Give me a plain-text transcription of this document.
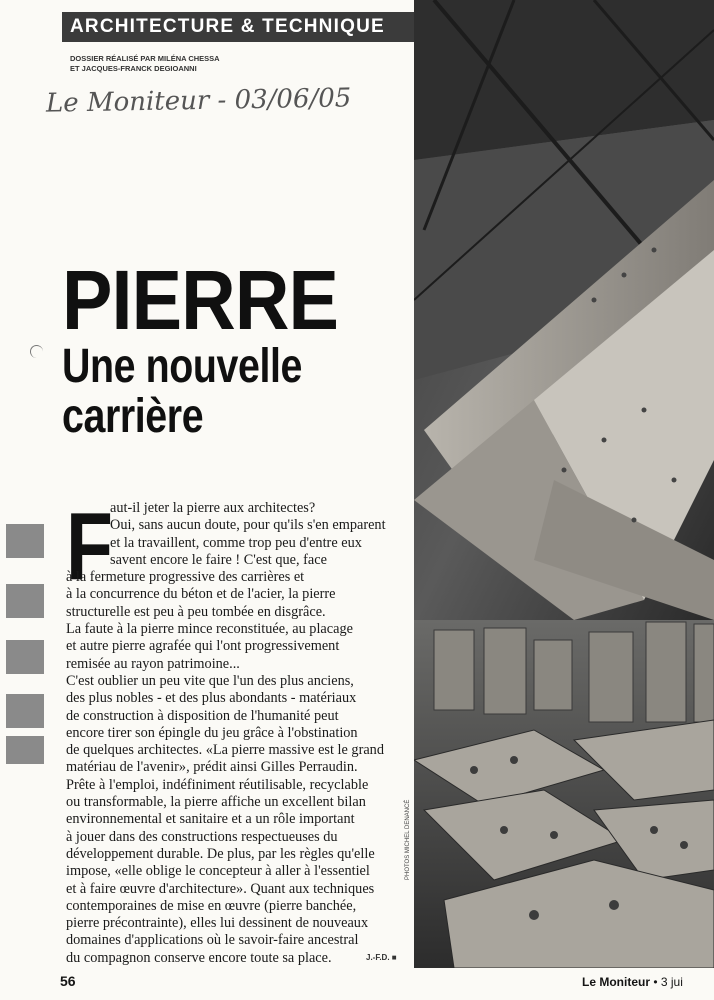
ARCHITECTURE & TECHNIQUE
DOSSIER RÉALISÉ PAR MILÉNA CHESSA
ET JACQUES-FRANCK DEGIOANNI
Le Moniteur - 03/06/05
PIERRE
Une nouvelle
carrière
F

aut-il jeter la pierre aux architectes?

Oui, sans aucun doute, pour qu'ils s'en emparent

et la travaillent, comme trop peu d'entre eux

savent encore le faire ! C'est que, face

à la fermeture progressive des carrières et

à la concurrence du béton et de l'acier, la pierre

structurelle est peu à peu tombée en disgrâce.

La faute à la pierre mince reconstituée, au placage

et autre pierre agrafée qui l'ont progressivement

remisée au rayon patrimoine...

C'est oublier un peu vite que l'un des plus anciens,

des plus nobles - et des plus abondants - matériaux

de construction à disposition de l'humanité peut

encore tirer son épingle du jeu grâce à l'obstination

de quelques architectes. «La pierre massive est le grand

matériau de l'avenir», prédit ainsi Gilles Perraudin.

Prête à l'emploi, indéfiniment réutilisable, recyclable

ou transformable, la pierre affiche un excellent bilan

environnemental et sanitaire et a un rôle important

à jouer dans des constructions respectueuses du

développement durable. De plus, par les règles qu'elle

impose, «elle oblige le concepteur à aller à l'essentiel

et à faire œuvre d'architecture». Quant aux techniques

contemporaines de mise en œuvre (pierre banchée,

pierre précontrainte), elles lui dessinent de nouveaux

domaines d'applications où le savoir-faire ancestral

du compagnon conserve encore toute sa place.	J.-F.D. ■
PHOTOS MICHEL DENANCÉ
56	Le Moniteur • 3 jui
